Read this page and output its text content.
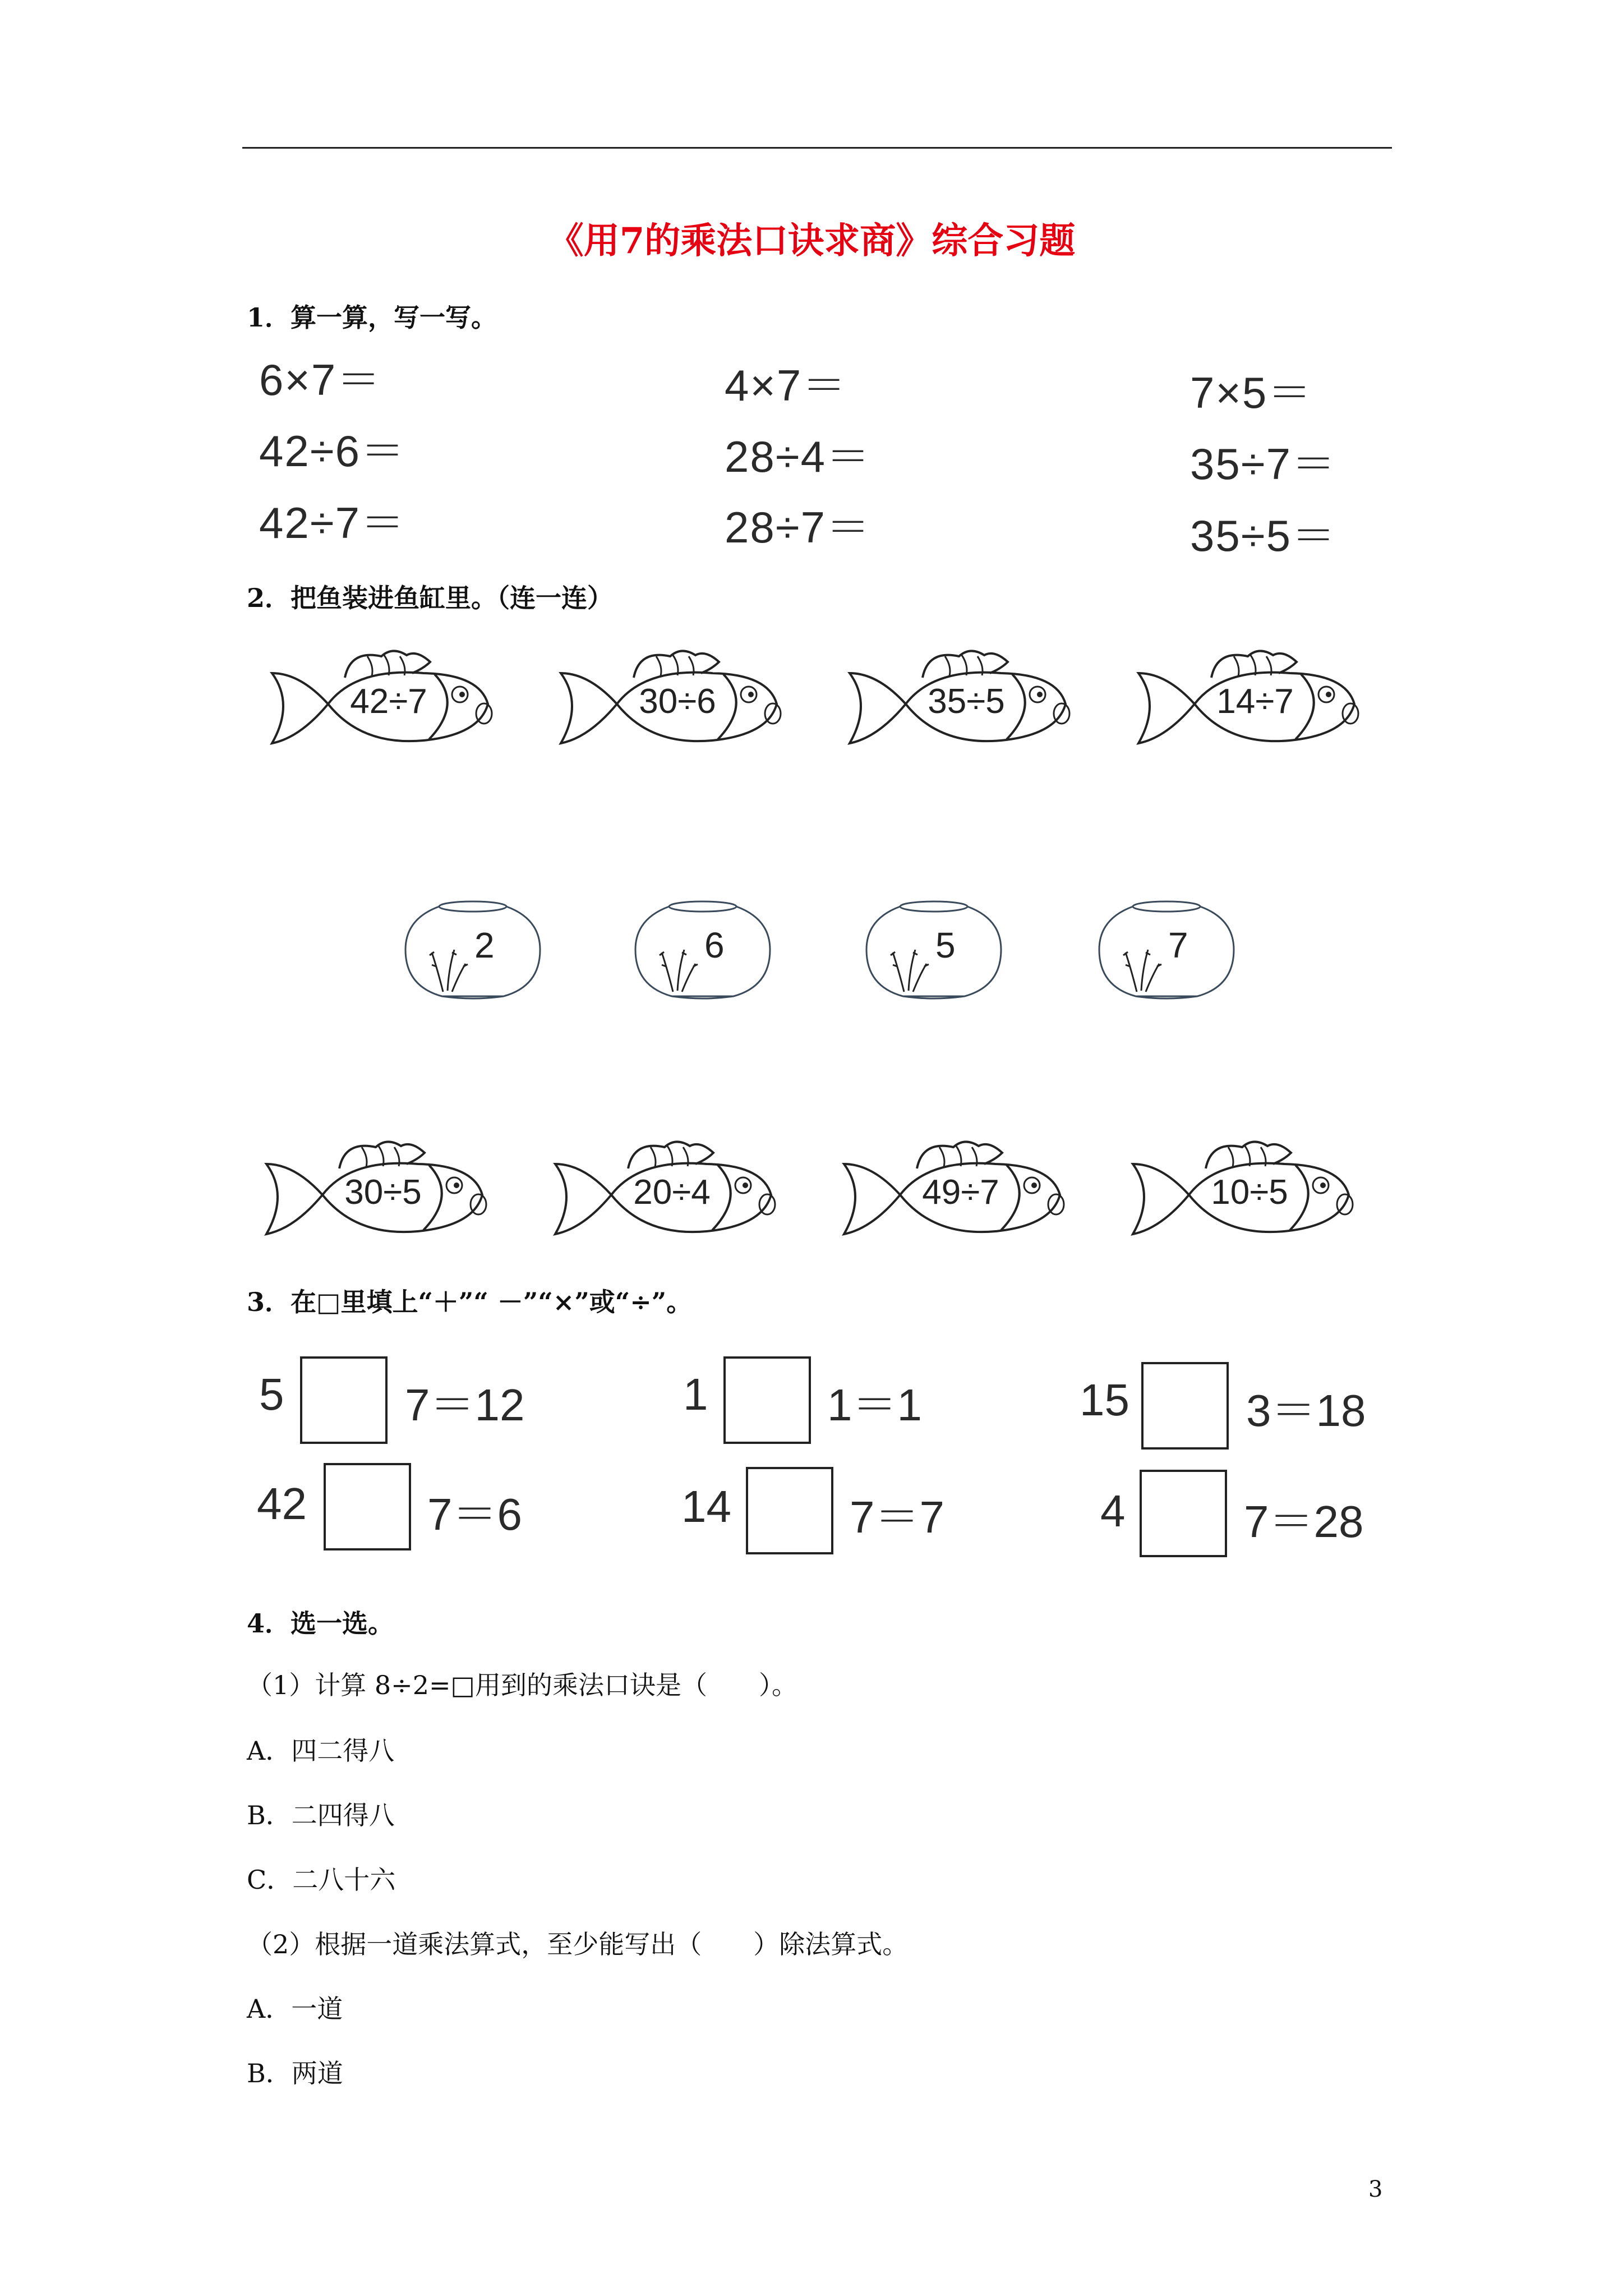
《用7的乘法口诀求商》综合习题
1．算一算，写一写。
6×7＝
42÷6＝
42÷7＝
4×7＝
28÷4＝
28÷7＝
7×5＝
35÷7＝
35÷5＝
2．把鱼装进鱼缸里。（连一连）
42÷7	30÷6	35÷5	14÷7
2	6	5	7
30÷5	20÷4	49÷7	10÷5
3．在□里填上“＋”“ －”“×”或“÷”。
5	7＝12	1	1＝1	15	3＝18
42	7＝6	14	7＝7	4	7＝28
4．选一选。
（1）计算 8÷2=□用到的乘法口诀是（　　）。
A．四二得八
B．二四得八
C．二八十六
（2）根据一道乘法算式，至少能写出（　　）除法算式。
A．一道
B．两道
3
